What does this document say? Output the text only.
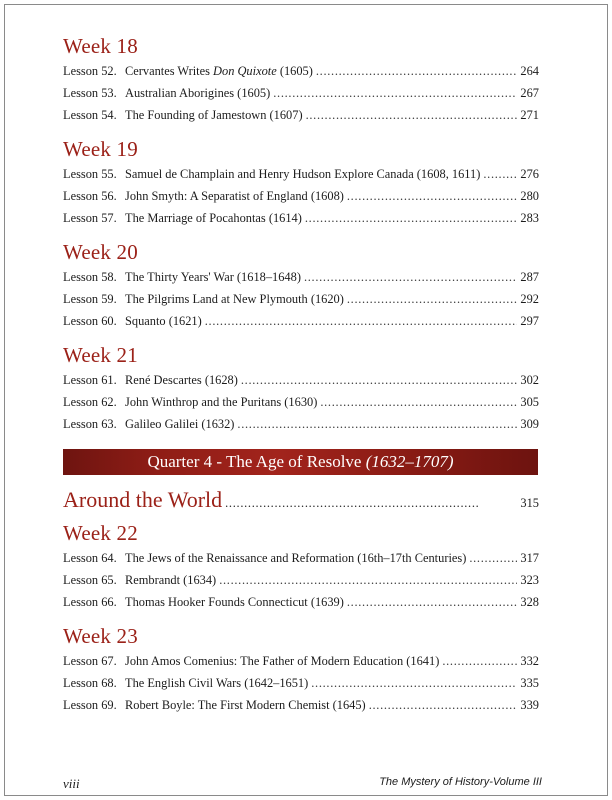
Week 18
Lesson 52. Cervantes Writes Don Quixote (1605) . . .	264
Lesson 53. Australian Aborigines (1605) . . .	267
Lesson 54. The Founding of Jamestown (1607) . . .	271
Week 19
Lesson 55. Samuel de Champlain and Henry Hudson Explore Canada (1608, 1611) . . .	276
Lesson 56. John Smyth: A Separatist of England (1608) . . .	280
Lesson 57. The Marriage of Pocahontas (1614) . . .	283
Week 20
Lesson 58. The Thirty Years' War (1618–1648) . . .	287
Lesson 59. The Pilgrims Land at New Plymouth (1620) . . .	292
Lesson 60. Squanto (1621) . . .	297
Week 21
Lesson 61. René Descartes (1628) . . .	302
Lesson 62. John Winthrop and the Puritans (1630) . . .	305
Lesson 63. Galileo Galilei (1632) . . .	309
Quarter 4 - The Age of Resolve (1632–1707)
Around the World . . .	315
Week 22
Lesson 64. The Jews of the Renaissance and Reformation (16th–17th Centuries) . . .	317
Lesson 65. Rembrandt (1634) . . .	323
Lesson 66. Thomas Hooker Founds Connecticut (1639) . . .	328
Week 23
Lesson 67. John Amos Comenius: The Father of Modern Education (1641) . . .	332
Lesson 68. The English Civil Wars (1642–1651) . . .	335
Lesson 69. Robert Boyle: The First Modern Chemist (1645) . . .	339
viii	The Mystery of History-Volume III
